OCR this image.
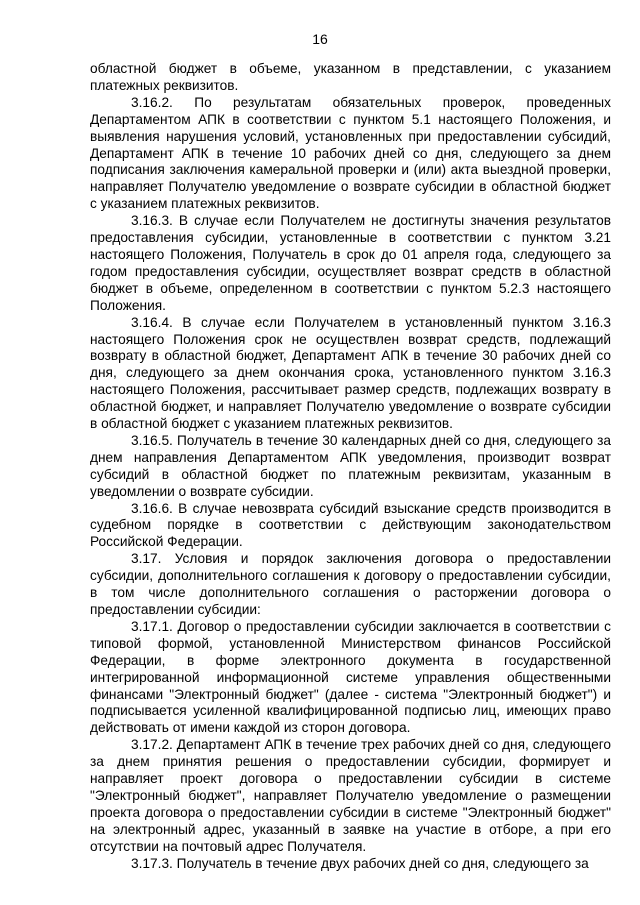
16

областной бюджет в объеме, указанном в представлении, с указанием платежных реквизитов.

3.16.2. По результатам обязательных проверок, проведенных Департаментом АПК в соответствии с пунктом 5.1 настоящего Положения, и выявления нарушения условий, установленных при предоставлении субсидий, Департамент АПК в течение 10 рабочих дней со дня, следующего за днем подписания заключения камеральной проверки и (или) акта выездной проверки, направляет Получателю уведомление о возврате субсидии в областной бюджет с указанием платежных реквизитов.

3.16.3. В случае если Получателем не достигнуты значения результатов предоставления субсидии, установленные в соответствии с пунктом 3.21 настоящего Положения, Получатель в срок до 01 апреля года, следующего за годом предоставления субсидии, осуществляет возврат средств в областной бюджет в объеме, определенном в соответствии с пунктом 5.2.3 настоящего Положения.

3.16.4. В случае если Получателем в установленный пунктом 3.16.3 настоящего Положения срок не осуществлен возврат средств, подлежащий возврату в областной бюджет, Департамент АПК в течение 30 рабочих дней со дня, следующего за днем окончания срока, установленного пунктом 3.16.3 настоящего Положения, рассчитывает размер средств, подлежащих возврату в областной бюджет, и направляет Получателю уведомление о возврате субсидии в областной бюджет с указанием платежных реквизитов.

3.16.5. Получатель в течение 30 календарных дней со дня, следующего за днем направления Департаментом АПК уведомления, производит возврат субсидий в областной бюджет по платежным реквизитам, указанным в уведомлении о возврате субсидии.

3.16.6. В случае невозврата субсидий взыскание средств производится в судебном порядке в соответствии с действующим законодательством Российской Федерации.

3.17. Условия и порядок заключения договора о предоставлении субсидии, дополнительного соглашения к договору о предоставлении субсидии, в том числе дополнительного соглашения о расторжении договора о предоставлении субсидии:

3.17.1. Договор о предоставлении субсидии заключается в соответствии с типовой формой, установленной Министерством финансов Российской Федерации, в форме электронного документа в государственной интегрированной информационной системе управления общественными финансами "Электронный бюджет" (далее - система "Электронный бюджет") и подписывается усиленной квалифицированной подписью лиц, имеющих право действовать от имени каждой из сторон договора.

3.17.2. Департамент АПК в течение трех рабочих дней со дня, следующего за днем принятия решения о предоставлении субсидии, формирует и направляет проект договора о предоставлении субсидии в системе "Электронный бюджет", направляет Получателю уведомление о размещении проекта договора о предоставлении субсидии в системе "Электронный бюджет" на электронный адрес, указанный в заявке на участие в отборе, а при его отсутствии на почтовый адрес Получателя.

3.17.3. Получатель в течение двух рабочих дней со дня, следующего за
